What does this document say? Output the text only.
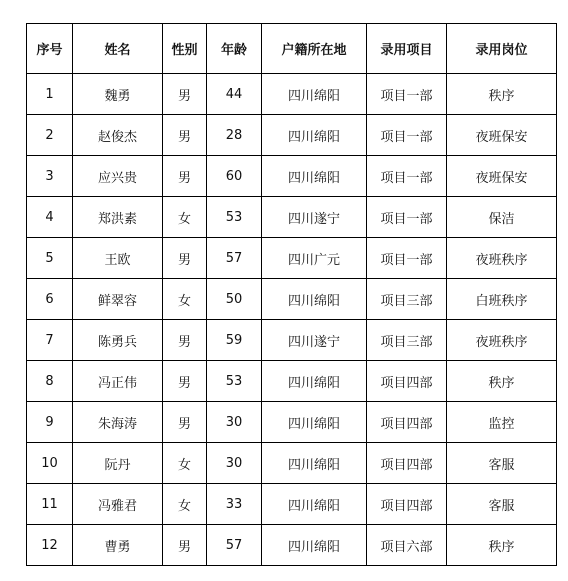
序号	姓名	性别	年龄	户籍所在地	录用项目	录用岗位
1	魏勇	男	44	四川绵阳	项目一部	秩序
2	赵俊杰	男	28	四川绵阳	项目一部	夜班保安
3	应兴贵	男	60	四川绵阳	项目一部	夜班保安
4	郑洪素	女	53	四川遂宁	项目一部	保洁
5	王欧	男	57	四川广元	项目一部	夜班秩序
6	鲜翠容	女	50	四川绵阳	项目三部	白班秩序
7	陈勇兵	男	59	四川遂宁	项目三部	夜班秩序
8	冯正伟	男	53	四川绵阳	项目四部	秩序
9	朱海涛	男	30	四川绵阳	项目四部	监控
10	阮丹	女	30	四川绵阳	项目四部	客服
11	冯雅君	女	33	四川绵阳	项目四部	客服
12	曹勇	男	57	四川绵阳	项目六部	秩序
